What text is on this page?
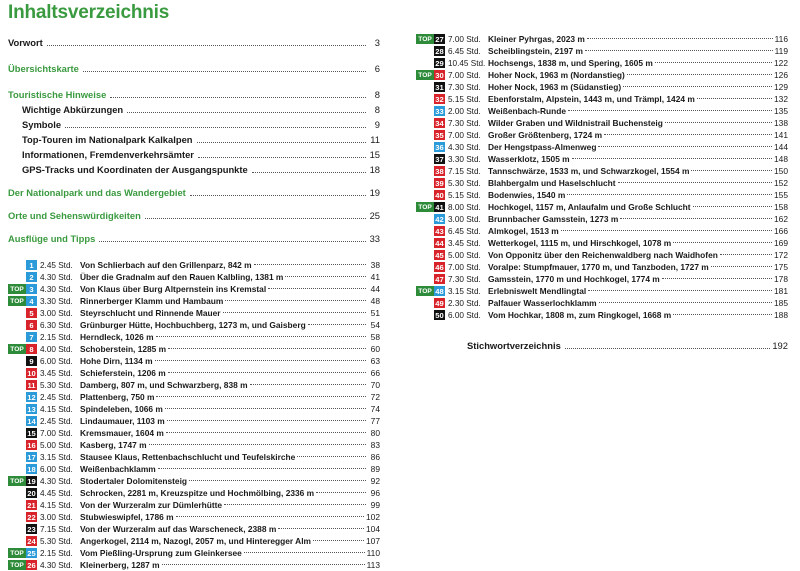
Inhaltsverzeichnis
Vorwort	3
Übersichtskarte	6
Touristische Hinweise	8
Wichtige Abkürzungen	8
Symbole	9
Top-Touren im Nationalpark Kalkalpen	11
Informationen, Fremdenverkehrsämter	15
GPS-Tracks und Koordinaten der Ausgangspunkte	18
Der Nationalpark und das Wandergebiet	19
Orte und Sehenswürdigkeiten	25
Ausflüge und Tipps	33
1 2.45 Std. Von Schlierbach auf den Grillenparz, 842 m	38
2 4.30 Std. Über die Gradnalm auf den Rauen Kalbling, 1381 m	41
TOP 3 4.30 Std. Von Klaus über Burg Altpernstein ins Kremstal	44
TOP 4 3.30 Std. Rinnerberger Klamm und Hambaum	48
5 3.00 Std. Steyrschlucht und Rinnende Mauer	51
6 6.30 Std. Grünburger Hütte, Hochbuchberg, 1273 m, und Gaisberg	54
7 2.15 Std. Herndleck, 1026 m	58
TOP 8 4.00 Std. Schoberstein, 1285 m	60
9 6.00 Std. Hohe Dirn, 1134 m	63
10 3.45 Std. Schieferstein, 1206 m	66
11 5.30 Std. Damberg, 807 m, und Schwarzberg, 838 m	70
12 2.45 Std. Plattenberg, 750 m	72
13 4.15 Std. Spindeleben, 1066 m	74
14 2.45 Std. Lindaumauer, 1103 m	77
15 7.00 Std. Kremsmauer, 1604 m	80
16 5.00 Std. Kasberg, 1747 m	83
17 3.15 Std. Stausee Klaus, Rettenbachschlucht und Teufelskirche	86
18 6.00 Std. Weißenbachklamm	89
TOP 19 4.30 Std. Stodertaler Dolomitensteig	92
20 4.45 Std. Schrocken, 2281 m, Kreuzspitze und Hochmölbing, 2336 m	96
21 4.15 Std. Von der Wurzeralm zur Dümlerhütte	99
22 3.00 Std. Stubwieswipfel, 1786 m	102
23 7.15 Std. Von der Wurzeralm auf das Warscheneck, 2388 m	104
24 5.30 Std. Angerkogel, 2114 m, Nazogl, 2057 m, und Hinteregger Alm	107
TOP 25 2.15 Std. Vom Pießling-Ursprung zum Gleinkersee	110
TOP 26 4.30 Std. Kleinerberg, 1287 m	113
TOP 27 7.00 Std. Kleiner Pyhrgas, 2023 m	116
28 6.45 Std. Scheiblingstein, 2197 m	119
29 10.45 Std. Hochsengs, 1838 m, und Spering, 1605 m	122
TOP 30 7.00 Std. Hoher Nock, 1963 m (Nordanstieg)	126
31 7.30 Std. Hoher Nock, 1963 m (Südanstieg)	129
32 5.15 Std. Ebenforstalm, Alpstein, 1443 m, und Trämpl, 1424 m	132
33 2.00 Std. Weißenbach-Runde	135
34 7.30 Std. Wilder Graben und Wildnistrail Buchensteig	138
35 7.00 Std. Großer Größtenberg, 1724 m	141
36 4.30 Std. Der Hengstpass-Almenweg	144
37 3.30 Std. Wasserklotz, 1505 m	148
38 7.15 Std. Tannschwärze, 1533 m, und Schwarzkogel, 1554 m	150
39 5.30 Std. Blahbergalm und Haselschlucht	152
40 5.15 Std. Bodenwies, 1540 m	155
TOP 41 8.00 Std. Hochkogel, 1157 m, Anlaufalm und Große Schlucht	158
42 3.00 Std. Brunnbacher Gamsstein, 1273 m	162
43 6.45 Std. Almkogel, 1513 m	166
44 3.45 Std. Wetterkogel, 1115 m, und Hirschkogel, 1078 m	169
45 5.00 Std. Von Opponitz über den Reichenwaldberg nach Waidhofen	172
46 7.00 Std. Voralpe: Stumpfmauer, 1770 m, und Tanzboden, 1727 m	175
47 7.30 Std. Gamsstein, 1770 m und Hochkogel, 1774 m	178
TOP 48 3.15 Std. Erlebniswelt Mendlingtal	181
49 2.30 Std. Palfauer Wasserlochklamm	185
50 6.00 Std. Vom Hochkar, 1808 m, zum Ringkogel, 1668 m	188
Stichwortverzeichnis	192
